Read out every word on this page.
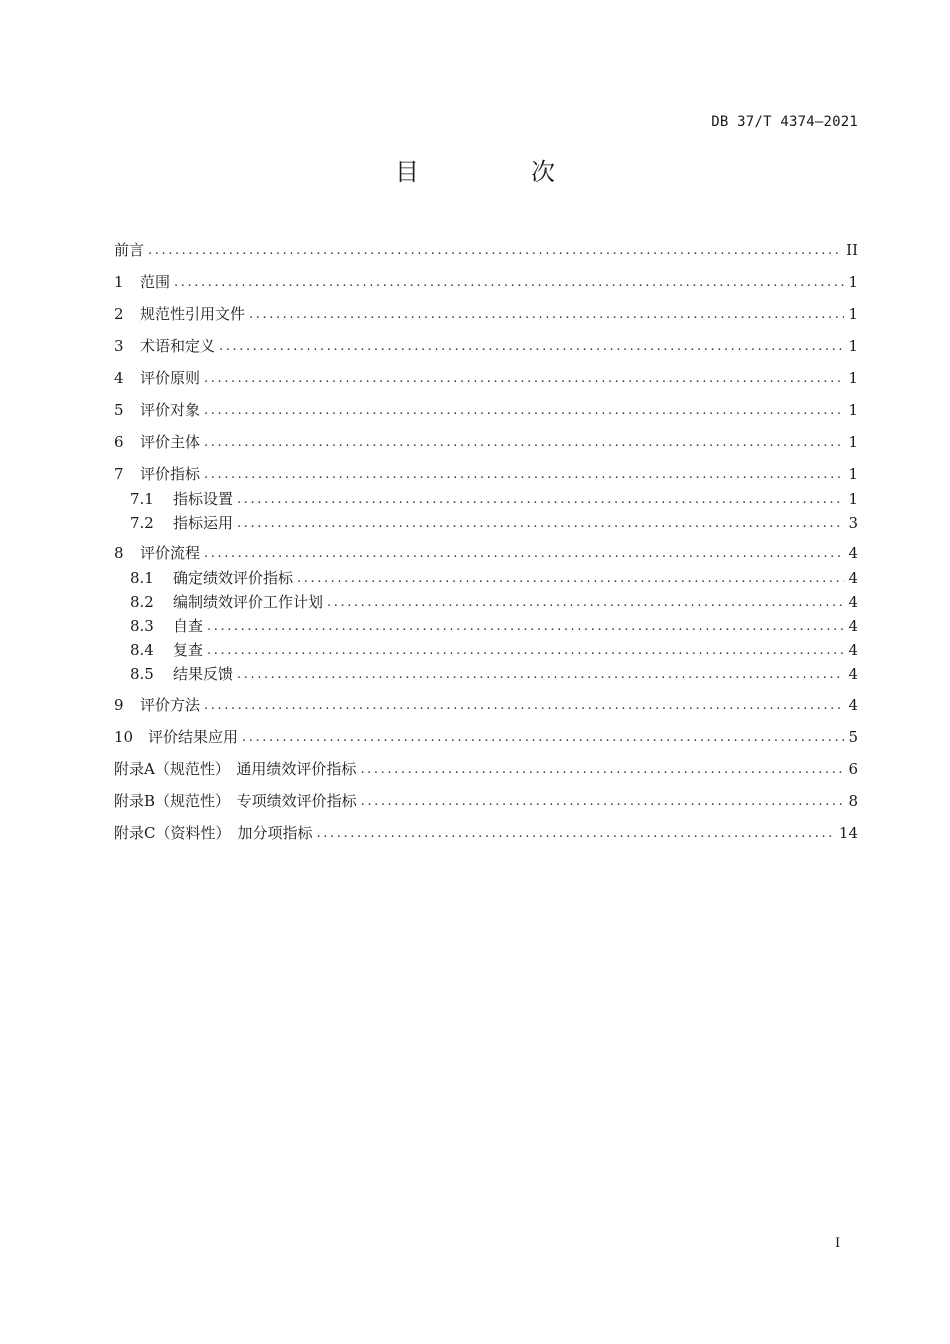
DB 37/T 4374—2021
目　次
前言 .....	II
1	范围 .....	1
2	规范性引用文件 .....	1
3	术语和定义 .....	1
4	评价原则 .....	1
5	评价对象 .....	1
6	评价主体 .....	1
7	评价指标 .....	1
7.1	指标设置 .....	1
7.2	指标运用 .....	3
8	评价流程 .....	4
8.1	确定绩效评价指标 .....	4
8.2	编制绩效评价工作计划 .....	4
8.3	自查 .....	4
8.4	复查 .....	4
8.5	结果反馈 .....	4
9	评价方法 .....	4
10 评价结果应用 .....	5
附录A（规范性） 通用绩效评价指标 .....	6
附录B（规范性） 专项绩效评价指标 .....	8
附录C（资料性） 加分项指标 .....	14
I
